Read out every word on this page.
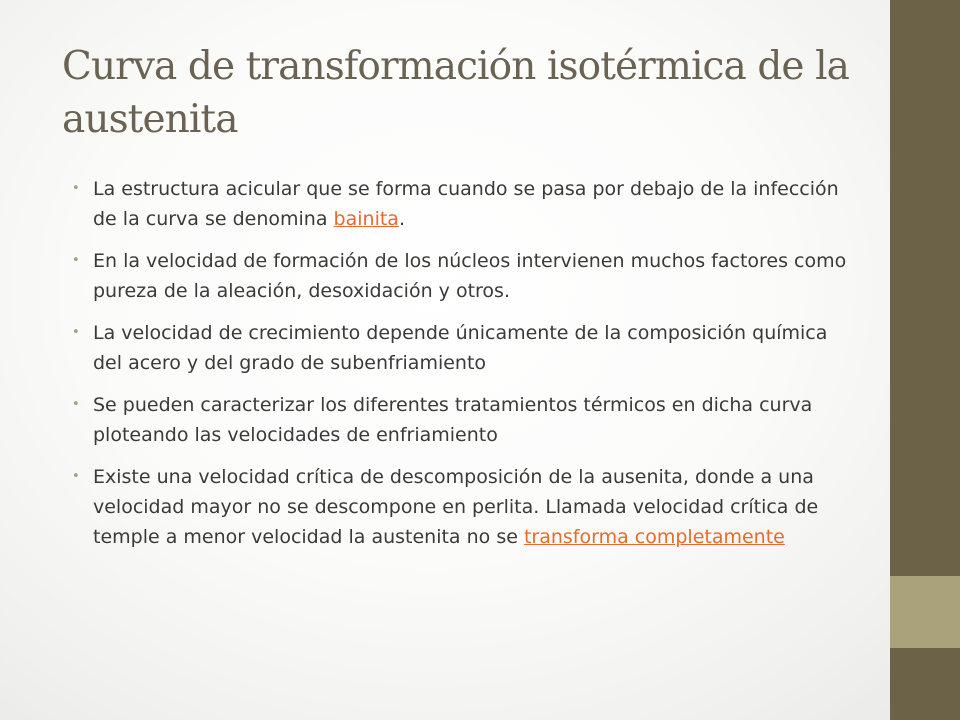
Curva de transformación isotérmica de la austenita
• La estructura acicular que se forma cuando se pasa por debajo de la infección de la curva se denomina bainita.
• En la velocidad de formación de los núcleos intervienen muchos factores como pureza de la aleación, desoxidación y otros.
• La velocidad de crecimiento depende únicamente de la composición química del acero y del grado de subenfriamiento
• Se pueden caracterizar los diferentes tratamientos térmicos en dicha curva ploteando las velocidades de enfriamiento
• Existe una velocidad crítica de descomposición de la ausenita, donde a una velocidad mayor no se descompone en perlita. Llamada velocidad crítica de temple a menor velocidad la austenita no se transforma completamente
